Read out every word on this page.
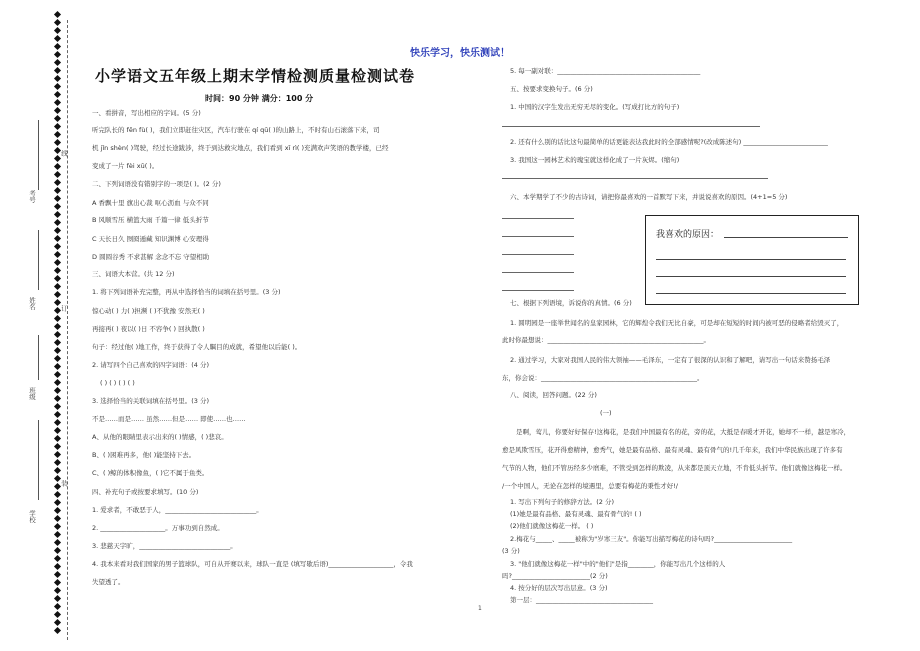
考号
姓名
班级
学校
线
订
装
快乐学习，快乐测试！
小学语文五年级上期末学情检测质量检测试卷
时间：90 分钟 满分：100 分
一、看拼音，写出相应的字词。(5 分)
听完队长的 fēn fù( )，我们立即赶往灾区，汽车行驶在 qí qū( )的山路上，不时有山石滚落下来，司
机 jǐn shèn( )驾驶，经过长途跋涉，终于到达救灾地点，我们看到 xī rì( )充满欢声笑语的教学楼，已经
变成了一片 fèi xū( )。
二、下列词语没有错别字的一项是( )。(2 分)
A 香飘十里 旗出心裁 呕心沥血 与众不同
B 风顺雪压 横篮大雨 千篇一律 低头折节
C 天长日久 囫囵遁藏 知识渊博 心安理得
D 圆圆谷秀 不求甚解 念念不忘 守望相助
三、词语大本营。(共 12 分)
1. 将下列词语补充完整，再从中选择恰当的词填在括号里。(3 分)
惊心动( ) 力( )担濒 ( )不犹豫 安然无( )
再接再( ) 夜以( )日 不容争( ) 回执散( )
句子：经过他( )地工作，终于获得了令人瞩目的成就，希望他以后能( )。
2. 请写四个自己喜欢的四字词语：(4 分)
( ) ( ) ( ) ( )
3. 选择恰当的关联词填在括号里。(3 分)
不是……而是…… 虽然……但是…… 即使……也……
A、从他的眼睛里表示出来的( )情感，( )悲哀。
B、( )困难再多，他( )能坚持下去。
C、( )鲸的体积像鱼，( )它不属于鱼类。
四、补充句子或按要求填写。(10 分)
1. 爱求者，不敢恶于人，____________________________。
2. ____________________。万事功到自然成。
3. 悲慈天字旷，____________________________。
4. 我本来看对我们国家的男子篮球队，可自从开赛以来，球队一直是 (填写歇后语)____________________，令我
失望透了。
5. 每一副对联：____________________________________________
五、按要求变换句子。(6 分)
1. 中国的汉字生发出无穷无尽的变化。(写成打比方的句子)
2. 还有什么别的话比这句最简单的话更能表达我此时的全部感情呢?(改成陈述句) __________________________
3. 我国这一园林艺术的瑰宝就这样化成了一片灰烬。(缩句)
六、本学期学了不少的古诗词，请把你最喜欢的一首默写下来，并说说喜欢的原因。(4+1=5 分)
我喜欢的原因：
七、根据下列语境，诉说你的真情。(6 分)
1. 圆明园是一座举世闻名的皇家园林，它的辉煌令我们无比自豪，可是却在短短的时间内被可恶的侵略者给毁灭了，
此时你最想说：________________________________________________。
2. 通过学习，大家对我国人民的伟大领袖——毛泽东，一定有了很深的认识和了解吧，请写出一句话来赞扬毛泽
东，你会说：________________________________________________。
八、阅读，回答问题。(22 分)
(一)
是啊，莺儿，你要好好保存!这梅花，是我们中国最有名的花，旁的花，大抵是春暖才开花，她却不一样，越是寒冷，
愈是风欺雪压，花开得愈精神，愈秀气，她是最有品格、最有灵魂、最有骨气的!几千年来，我们中华民族出现了许多有
气节的人物，他们不管历经多少磨难，不管受到怎样的欺凌，从来都是顶天立地，不肯低头折节。他们就像这梅花一样。
/一个中国人，无论在怎样的境遇里，总要有梅花的秉性才好!/
1. 写出下列句子的修辞方法。(2 分)
(1)她是最有品格、最有灵魂、最有骨气的! ( )
(2)他们就像这梅花一样。 ( )
2.梅花与_____、_____被称为"岁寒三友"。你能写出描写梅花的诗句吗?________________________
(3 分)
3. "他们就像这梅花一样"中的"他们"是指________，你能写出几个这样的人
吗?________________________(2 分)
4. 按分好的层次写出层意。(3 分)
第一层：____________________________________
1
